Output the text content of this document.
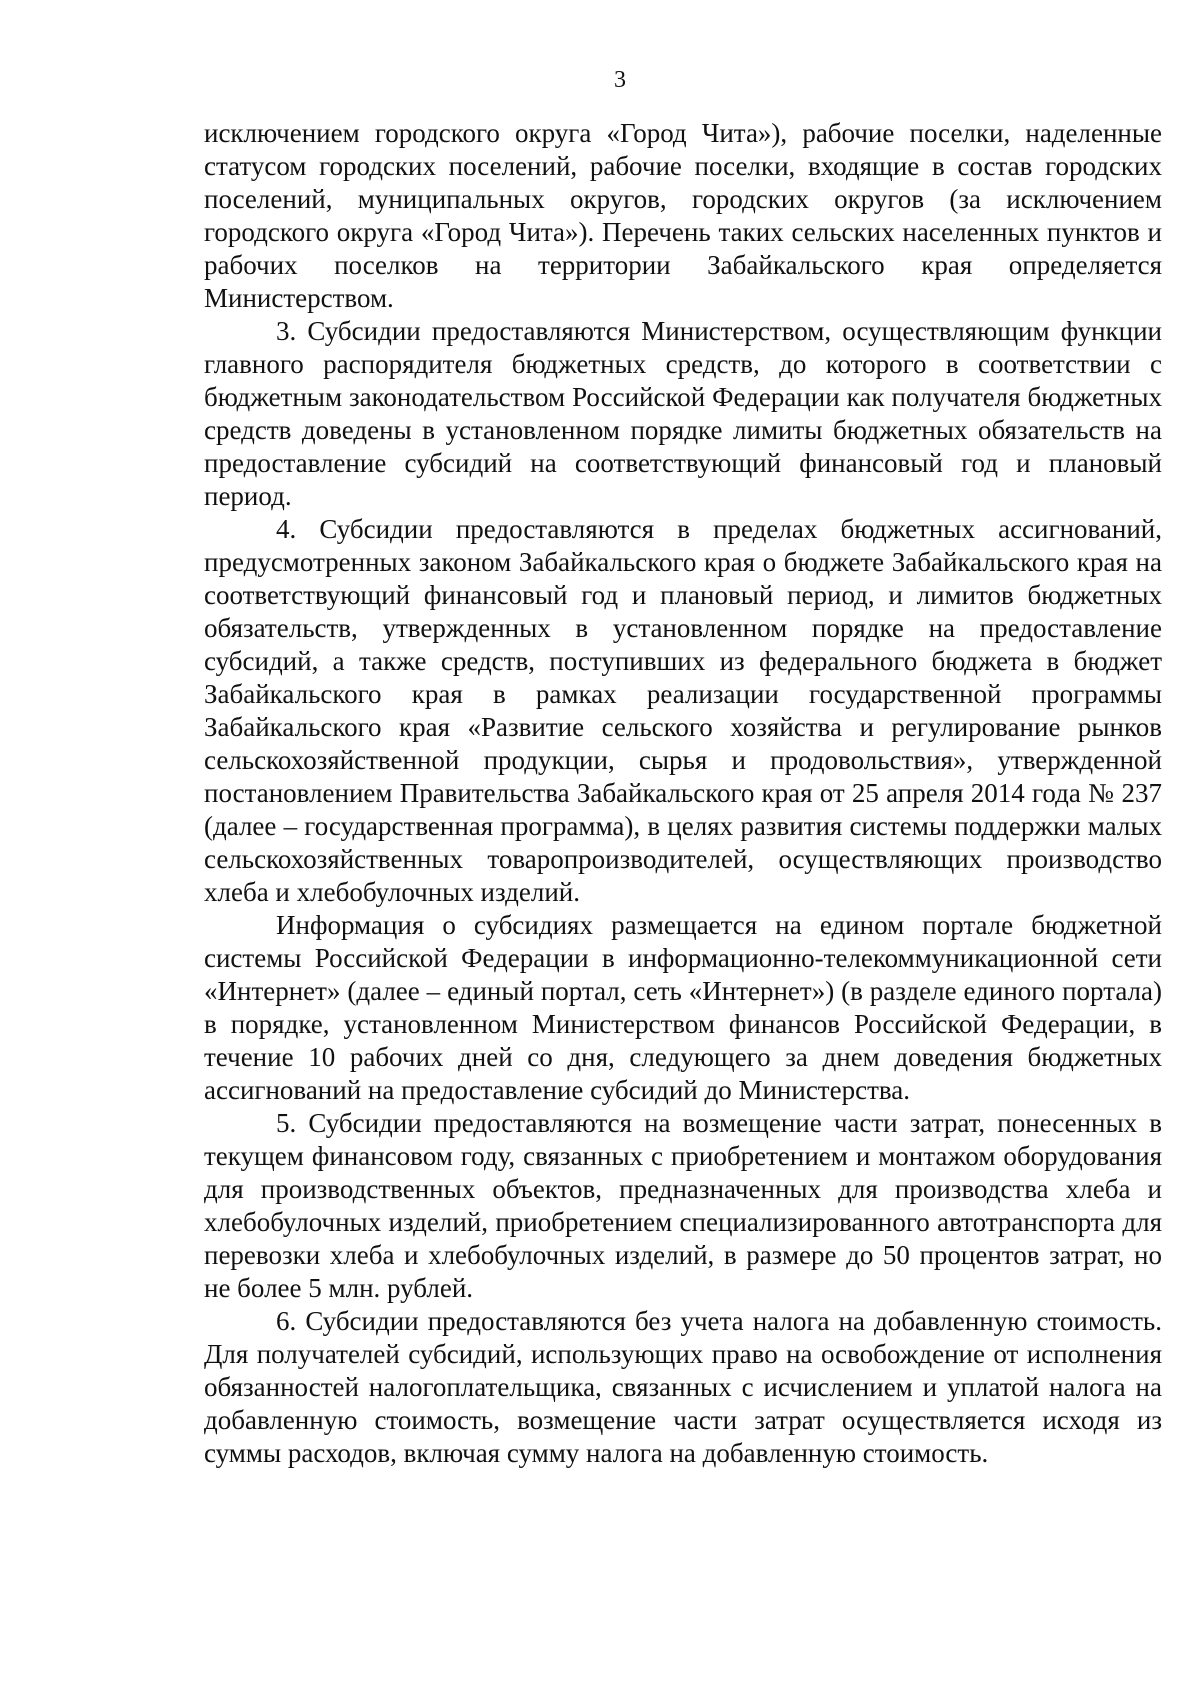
3

исключением городского округа «Город Чита»), рабочие поселки, наделенные статусом городских поселений, рабочие поселки, входящие в состав городских поселений, муниципальных округов, городских округов (за исключением городского округа «Город Чита»). Перечень таких сельских населенных пунктов и рабочих поселков на территории Забайкальского края определяется Министерством.

3. Субсидии предоставляются Министерством, осуществляющим функции главного распорядителя бюджетных средств, до которого в соответствии с бюджетным законодательством Российской Федерации как получателя бюджетных средств доведены в установленном порядке лимиты бюджетных обязательств на предоставление субсидий на соответствующий финансовый год и плановый период.

4. Субсидии предоставляются в пределах бюджетных ассигнований, предусмотренных законом Забайкальского края о бюджете Забайкальского края на соответствующий финансовый год и плановый период, и лимитов бюджетных обязательств, утвержденных в установленном порядке на предоставление субсидий, а также средств, поступивших из федерального бюджета в бюджет Забайкальского края в рамках реализации государственной программы Забайкальского края «Развитие сельского хозяйства и регулирование рынков сельскохозяйственной продукции, сырья и продовольствия», утвержденной постановлением Правительства Забайкальского края от 25 апреля 2014 года № 237 (далее – государственная программа), в целях развития системы поддержки малых сельскохозяйственных товаропроизводителей, осуществляющих производство хлеба и хлебобулочных изделий.

Информация о субсидиях размещается на едином портале бюджетной системы Российской Федерации в информационно-телекоммуникационной сети «Интернет» (далее – единый портал, сеть «Интернет») (в разделе единого портала) в порядке, установленном Министерством финансов Российской Федерации, в течение 10 рабочих дней со дня, следующего за днем доведения бюджетных ассигнований на предоставление субсидий до Министерства.

5. Субсидии предоставляются на возмещение части затрат, понесенных в текущем финансовом году, связанных с приобретением и монтажом оборудования для производственных объектов, предназначенных для производства хлеба и хлебобулочных изделий, приобретением специализированного автотранспорта для перевозки хлеба и хлебобулочных изделий, в размере до 50 процентов затрат, но не более 5 млн. рублей.

6. Субсидии предоставляются без учета налога на добавленную стоимость. Для получателей субсидий, использующих право на освобождение от исполнения обязанностей налогоплательщика, связанных с исчислением и уплатой налога на добавленную стоимость, возмещение части затрат осуществляется исходя из суммы расходов, включая сумму налога на добавленную стоимость.
